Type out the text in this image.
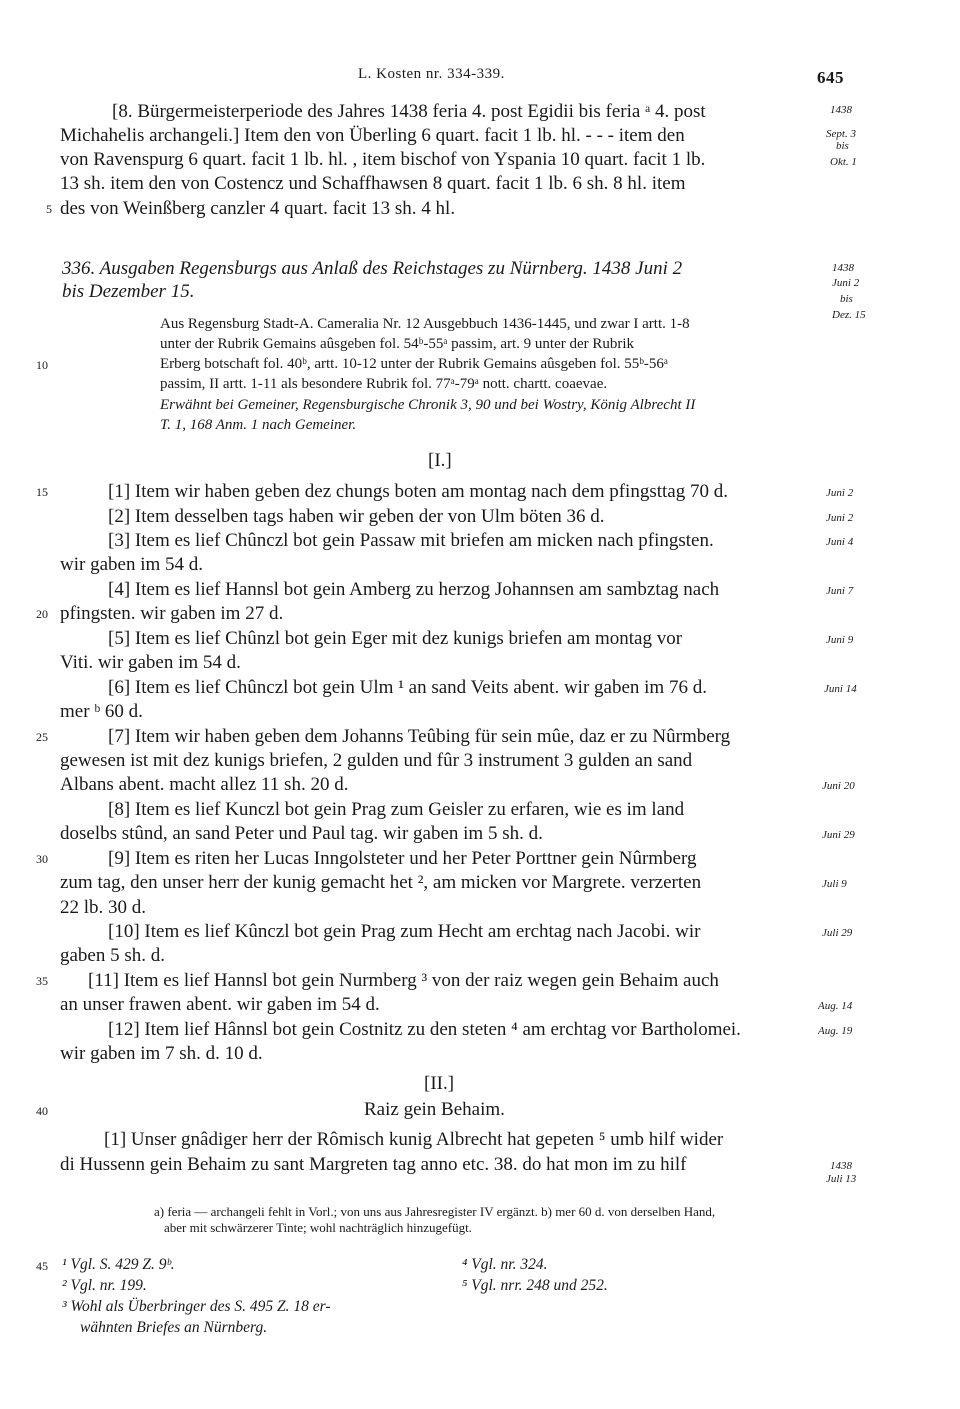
L. Kosten nr. 334-339.	645
[8. Bürgermeisterperiode des Jahres 1438 feria 4. post Egidii bis feria ᵃ 4. post
Michahelis archangeli.] Item den von Überling 6 quart. facit 1 lb. hl. - - - item den
von Ravenspurg 6 quart. facit 1 lb. hl. , item bischof von Yspania 10 quart. facit 1 lb.
13 sh. item den von Costencz und Schaffhawsen 8 quart. facit 1 lb. 6 sh. 8 hl. item
des von Weinßberg canzler 4 quart. facit 13 sh. 4 hl.
1438
Sept. 3
bis
Okt. 1
336. Ausgaben Regensburgs aus Anlaß des Reichstages zu Nürnberg. 1438 Juni 2
bis Dezember 15.
1438
Juni 2
bis
Dez. 15
Aus Regensburg Stadt-A. Cameralia Nr. 12 Ausgebbuch 1436-1445, und zwar I artt. 1-8
unter der Rubrik Gemains aûsgeben fol. 54ᵇ-55ᵃ passim, art. 9 unter der Rubrik
Erberg botschaft fol. 40ᵇ, artt. 10-12 unter der Rubrik Gemains aûsgeben fol. 55ᵇ-56ᵃ
passim, II artt. 1-11 als besondere Rubrik fol. 77ᵃ-79ᵃ nott. chartt. coaevae.
Erwähnt bei Gemeiner, Regensburgische Chronik 3, 90 und bei Wostry, König Albrecht II
T. 1, 168 Anm. 1 nach Gemeiner.
[I.]
[1] Item wir haben geben dez chungs boten am montag nach dem pfingsttag 70 d.
[2] Item desselben tags haben wir geben der von Ulm böten 36 d.
[3] Item es lief Chûnczl bot gein Passaw mit briefen am micken nach pfingsten.
wir gaben im 54 d.
[4] Item es lief Hannsl bot gein Amberg zu herzog Johannsen am sambztag nach
pfingsten. wir gaben im 27 d.
[5] Item es lief Chûnzl bot gein Eger mit dez kunigs briefen am montag vor
Viti. wir gaben im 54 d.
[6] Item es lief Chûnczl bot gein Ulm ¹ an sand Veits abent. wir gaben im 76 d.
mer ᵇ 60 d.
[7] Item wir haben geben dem Johanns Teûbing für sein mûe, daz er zu Nûrmberg
gewesen ist mit dez kunigs briefen, 2 gulden und fûr 3 instrument 3 gulden an sand
Albans abent. macht allez 11 sh. 20 d.
[8] Item es lief Kunczl bot gein Prag zum Geisler zu erfaren, wie es im land
doselbs stûnd, an sand Peter und Paul tag. wir gaben im 5 sh. d.
[9] Item es riten her Lucas Inngolsteter und her Peter Porttner gein Nûrmberg
zum tag, den unser herr der kunig gemacht het ², am micken vor Margrete. verzerten
22 lb. 30 d.
[10] Item es lief Kûnczl bot gein Prag zum Hecht am erchtag nach Jacobi. wir
gaben 5 sh. d.
[11] Item es lief Hannsl bot gein Nurmberg ³ von der raiz wegen gein Behaim auch
an unser frawen abent. wir gaben im 54 d.
[12] Item lief Hânnsl bot gein Costnitz zu den steten ⁴ am erchtag vor Bartholomei.
wir gaben im 7 sh. d. 10 d.
Juni 2
Juni 2
Juni 4
Juni 7
Juni 9
Juni 14
Juni 20
Juni 29
Juli 9
Juli 29
Aug. 14
Aug. 19
[II.]
Raiz gein Behaim.
[1] Unser gnâdiger herr der Rômisch kunig Albrecht hat gepeten ⁵ umb hilf wider
di Hussenn gein Behaim zu sant Margreten tag anno etc. 38. do hat mon im zu hilf	1438
Juli 13
a) feria — archangeli fehlt in Vorl.; von uns aus Jahresregister IV ergänzt. b) mer 60 d. von derselben Hand,
aber mit schwärzerer Tinte; wohl nachträglich hinzugefügt.
¹ Vgl. S. 429 Z. 9ᵇ.
² Vgl. nr. 199.
³ Wohl als Überbringer des S. 495 Z. 18 er-
wähnten Briefes an Nürnberg.
⁴ Vgl. nr. 324.
⁵ Vgl. nrr. 248 und 252.
5
10
15
20
25
30
35
40
45
